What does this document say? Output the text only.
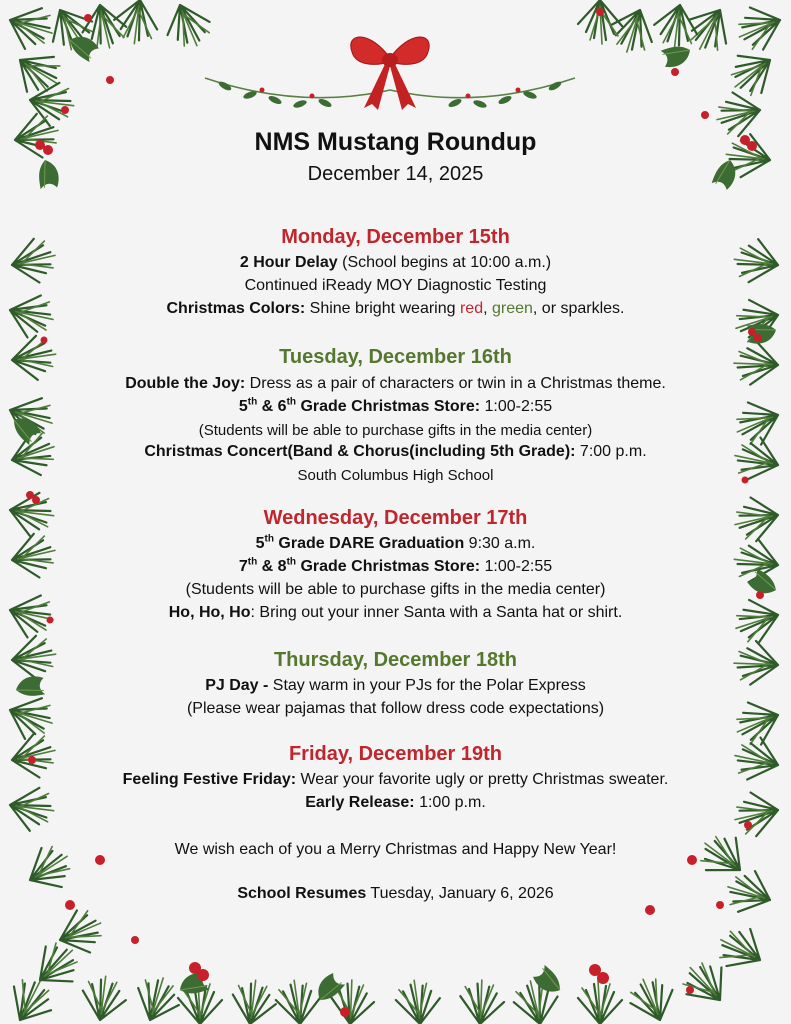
NMS Mustang Roundup
December 14, 2025
Monday, December 15th
2 Hour Delay (School begins at 10:00 a.m.)
Continued iReady MOY Diagnostic Testing
Christmas Colors: Shine bright wearing red, green, or sparkles.
Tuesday, December 16th
Double the Joy: Dress as a pair of characters or twin in a Christmas theme.
5th & 6th Grade Christmas Store: 1:00-2:55
(Students will be able to purchase gifts in the media center)
Christmas Concert(Band & Chorus(including 5th Grade): 7:00 p.m.
South Columbus High School
Wednesday, December 17th
5th Grade DARE Graduation 9:30 a.m.
7th & 8th Grade Christmas Store: 1:00-2:55
(Students will be able to purchase gifts in the media center)
Ho, Ho, Ho: Bring out your inner Santa with a Santa hat or shirt.
Thursday, December 18th
PJ Day - Stay warm in your PJs for the Polar Express
(Please wear pajamas that follow dress code expectations)
Friday, December 19th
Feeling Festive Friday: Wear your favorite ugly or pretty Christmas sweater.
Early Release: 1:00 p.m.
We wish each of you a Merry Christmas and Happy New Year!
School Resumes Tuesday, January 6, 2026
